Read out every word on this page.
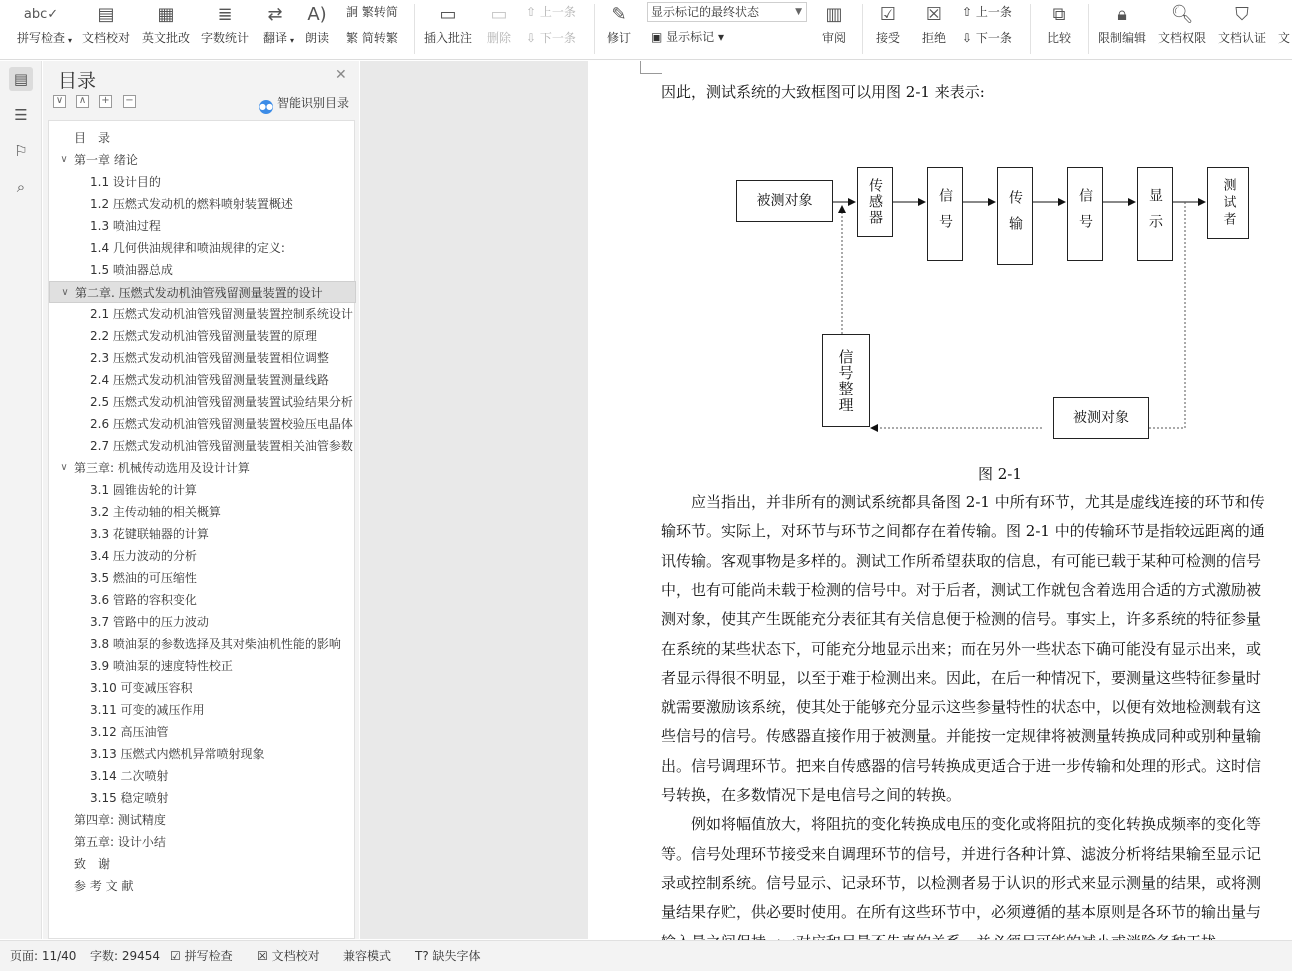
abc✓
拼写检查 ▾
▤
文档校对
▦
英文批改
≣
字数统计
⇄
翻译 ▾
A)
朗读
詗 繁转简
繁 简转繁
▭
插入批注
▭
删除
⇧ 上一条
⇩ 下一条
✎
修订
显示标记的最终状态	▼
▣ 显示标记 ▾
▥
审阅
☑
接受
☒
拒绝
⇧ 上一条
⇩ 下一条
⧉
比较
🔒︎
限制编辑
🔍︎
文档权限
⛉
文档认证 文
▤
☰
⚐
⌕
目录	✕
∨ ∧ + −
●● 智能识别目录
目　录
∨ 第一章 绪论
1.1 设计目的
1.2 压燃式发动机的燃料喷射装置概述
1.3 喷油过程
1.4 几何供油规律和喷油规律的定义:
1.5 喷油器总成
∨ 第二章. 压燃式发动机油管残留测量装置的设计
2.1 压燃式发动机油管残留测量装置控制系统设计
2.2 压燃式发动机油管残留测量装置的原理
2.3 压燃式发动机油管残留测量装置相位调整
2.4 压燃式发动机油管残留测量装置测量线路
2.5 压燃式发动机油管残留测量装置试验结果分析
2.6 压燃式发动机油管残留测量装置校验压电晶体
2.7 压燃式发动机油管残留测量装置相关油管参数
∨ 第三章: 机械传动选用及设计计算
3.1 圆锥齿轮的计算
3.2 主传动轴的相关概算
3.3 花键联轴器的计算
3.4 压力波动的分析
3.5 燃油的可压缩性
3.6 管路的容积变化
3.7 管路中的压力波动
3.8 喷油泵的参数选择及其对柴油机性能的影响
3.9 喷油泵的速度特性校正
3.10 可变减压容积
3.11 可变的减压作用
3.12 高压油管
3.13 压燃式内燃机异常喷射现象
3.14 二次喷射
3.15 稳定喷射
第四章: 测试精度
第五章: 设计小结
致　谢
参 考 文 献
因此，测试系统的大致框图可以用图 2-1 来表示:
被测对象	传感器	信号	传输	信号	显示	测试者
信号整理
被测对象
图 2-1
　　应当指出，并非所有的测试系统都具备图 2-1 中所有环节，尤其是虚线连接的环节和传
输环节。实际上，对环节与环节之间都存在着传输。图 2-1 中的传输环节是指较远距离的通
讯传输。客观事物是多样的。测试工作所希望获取的信息，有可能已载于某种可检测的信号
中，也有可能尚未载于检测的信号中。对于后者，测试工作就包含着选用合适的方式激励被
测对象，使其产生既能充分表征其有关信息便于检测的信号。事实上，许多系统的特征参量
在系统的某些状态下，可能充分地显示出来；而在另外一些状态下确可能没有显示出来，或
者显示得很不明显，以至于难于检测出来。因此，在后一种情况下，要测量这些特征参量时
就需要激励该系统，使其处于能够充分显示这些参量特性的状态中，以便有效地检测载有这
些信号的信号。传感器直接作用于被测量。并能按一定规律将被测量转换成同种或别种量输
出。信号调理环节。把来自传感器的信号转换成更适合于进一步传输和处理的形式。这时信
号转换，在多数情况下是电信号之间的转换。
　　例如将幅值放大，将阻抗的变化转换成电压的变化或将阻抗的变化转换成频率的变化等
等。信号处理环节接受来自调理环节的信号，并进行各种计算、滤波分析将结果输至显示记
录或控制系统。信号显示、记录环节，以检测者易于认识的形式来显示测量的结果，或将测
量结果存贮，供必要时使用。在所有这些环节中，必须遵循的基本原则是各环节的输出量与
页面: 11/40 字数: 29454 ☑ 拼写检查 ☒ 文档校对 兼容模式 T? 缺失字体
